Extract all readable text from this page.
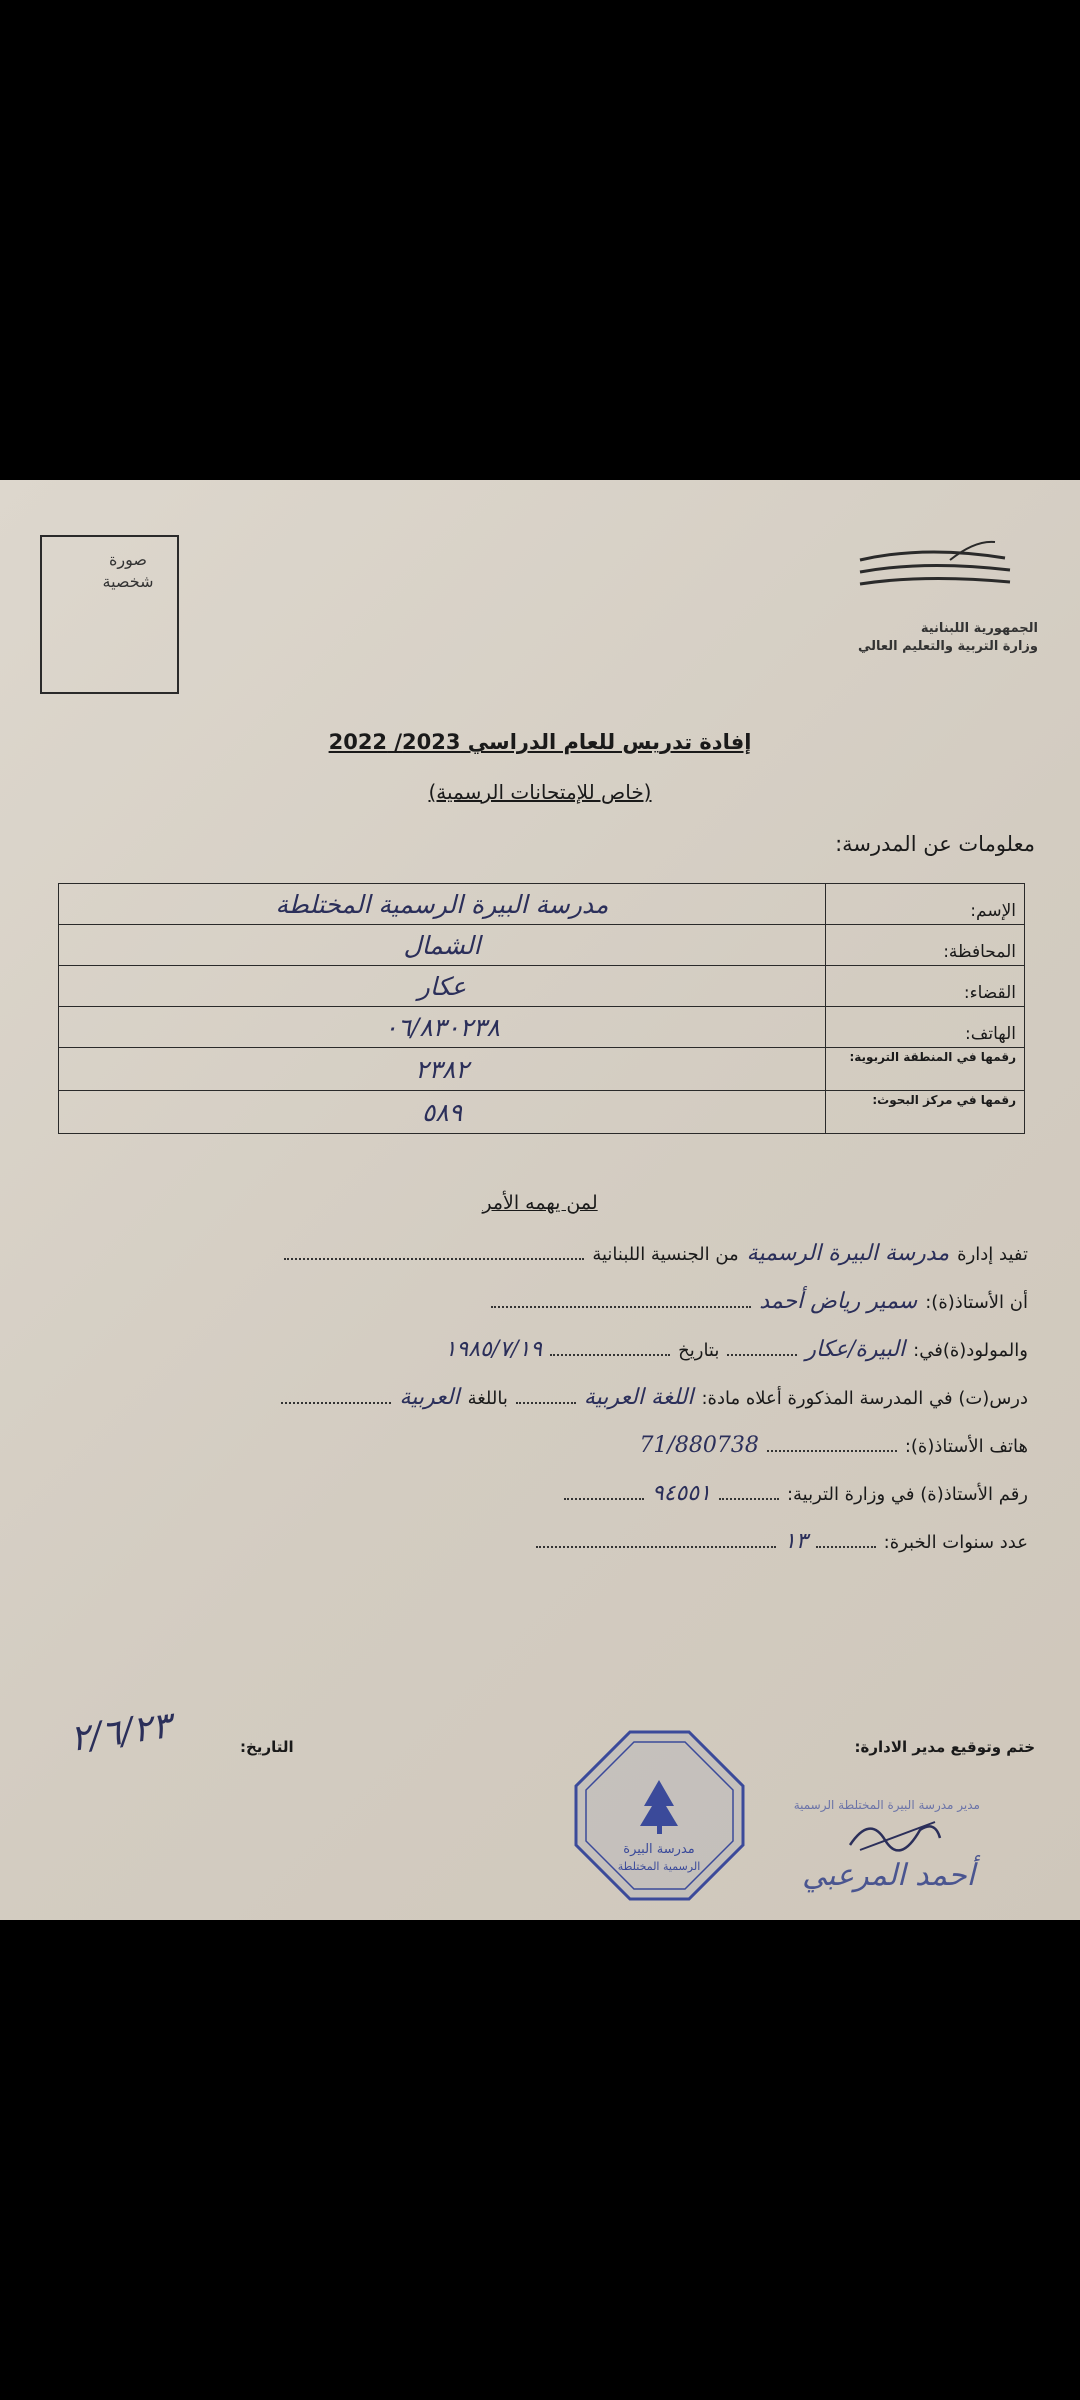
صورة شخصية
الجمهورية اللبنانية
وزارة التربية والتعليم العالي
إفادة تدريس للعام الدراسي 2023/ 2022
(خاص للإمتحانات الرسمية)
معلومات عن المدرسة:
الإسم:	مدرسة البيرة الرسمية المختلطة
المحافظة:	الشمال
القضاء:	عكار
الهاتف:	٠٦/٨٣٠٢٣٨
رقمها في المنطقة التربوية:	٢٣٨٢
رقمها في مركز البحوث:	٥٨٩
لمن يهمه الأمر
تفيد إدارة
مدرسة البيرة الرسمية
من الجنسية اللبنانية
أن الأستاذ(ة):
سمير رياض أحمد
والمولود(ة)في:
البيرة/عكار
بتاريخ
١٩٨٥/٧/١٩
درس(ت) في المدرسة المذكورة أعلاه مادة:
اللغة العربية
باللغة
العربية
هاتف الأستاذ(ة):
71/880738
رقم الأستاذ(ة) في وزارة التربية:
٩٤٥٥١
عدد سنوات الخبرة:
١٣
ختم وتوقيع مدير الادارة:
التاريخ:
٢/٦/٢٣
مدرسة البيرة
الرسمية المختلطة
مدير مدرسة البيرة المختلطة الرسمية
أحمد المرعبي
